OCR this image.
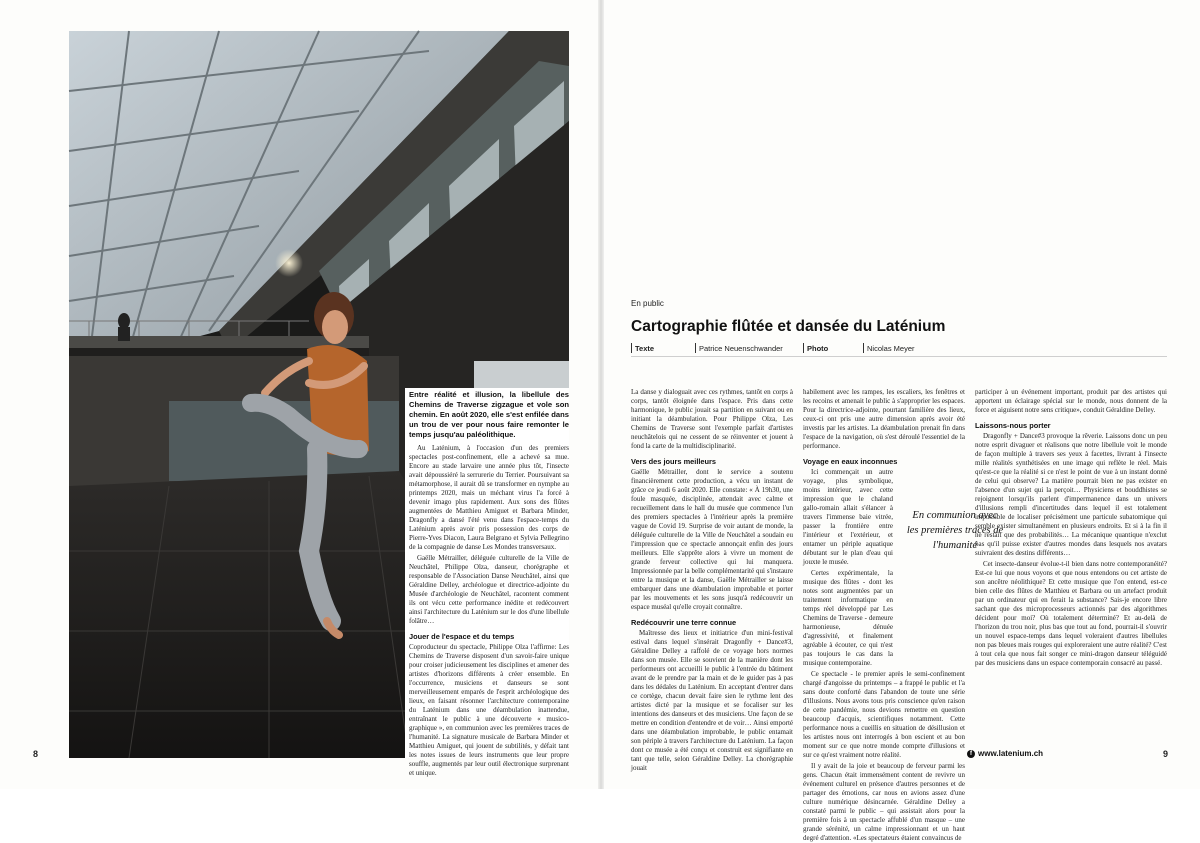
Entre réalité et illusion, la libellule des Chemins de Traverse zigzague et vole son chemin. En août 2020, elle s'est enfilée dans un trou de ver pour nous faire remonter le temps jusqu'au paléolithique.

Au Laténium, à l'occasion d'un des premiers spectacles post-confinement, elle a achevé sa mue. Encore au stade larvaire une année plus tôt, l'insecte avait dépoussiéré la serrurerie du Terrier. Poursuivant sa métamorphose, il aurait dû se transformer en nymphe au printemps 2020, mais un méchant virus l'a forcé à devenir imago plus rapidement. Aux sons des flûtes augmentées de Matthieu Amiguet et Barbara Minder, Dragonfly a dansé l'été venu dans l'espace-temps du Laténium après avoir pris possession des corps de Pierre-Yves Diacon, Laura Belgrano et Sylvia Pellegrino de la compagnie de danse Les Mondes transversaux.

Gaëlle Métrailler, déléguée culturelle de la Ville de Neuchâtel, Philippe Olza, danseur, chorégraphe et responsable de l'Association Danse Neuchâtel, ainsi que Géraldine Delley, archéologue et directrice-adjointe du Musée d'archéologie de Neuchâtel, racontent comment ils ont vécu cette performance inédite et redécouvert ainsi l'architecture du Laténium sur le dos d'une libellule folâtre…

Jouer de l'espace et du temps

Coproducteur du spectacle, Philippe Olza l'affirme: Les Chemins de Traverse disposent d'un savoir-faire unique pour croiser judicieusement les disciplines et amener des artistes d'horizons différents à créer ensemble. En l'occurrence, musiciens et danseurs se sont merveilleusement emparés de l'esprit archéologique des lieux, en faisant résonner l'architecture contemporaine du Laténium dans une déambulation inattendue, entraînant le public à une découverte « musico-graphique », en communion avec les premières traces de l'humanité. La signature musicale de Barbara Minder et Matthieu Amiguet, qui jouent de subtilités, y défait tant les notes issues de leurs instruments que leur propre souffle, augmentés par leur outil électronique surprenant et unique.

8
En public
Cartographie flûtée et dansée du Laténium
Texte	Patrice Neuenschwander	Photo	Nicolas Meyer

La danse y dialoguait avec ces rythmes, tantôt en corps à corps, tantôt éloignée dans l'espace. Pris dans cette harmonique, le public jouait sa partition en suivant ou en initiant la déambulation. Pour Philippe Olza, Les Chemins de Traverse sont l'exemple parfait d'artistes neuchâtelois qui ne cessent de se réinventer et jouent à fond la carte de la multidisciplinarité.

Vers des jours meilleurs

Gaëlle Métrailler, dont le service a soutenu financièrement cette production, a vécu un instant de grâce ce jeudi 6 août 2020. Elle constate: « À 19h30, une foule masquée, disciplinée, attendait avec calme et recueillement dans le hall du musée que commence l'un des premiers spectacles à l'intérieur après la première vague de Covid 19. Surprise de voir autant de monde, la déléguée culturelle de la Ville de Neuchâtel a soudain eu l'impression que ce spectacle annonçait enfin des jours meilleurs. Elle s'apprête alors à vivre un moment de grande ferveur collective qui lui manquera. Impressionnée par la belle complémentarité qui s'instaure entre la musique et la danse, Gaëlle Métrailler se laisse embarquer dans une déambulation improbable et porter par les mouvements et les sons jusqu'à redécouvrir un espace muséal qu'elle croyait connaître.

Redécouvrir une terre connue

Maîtresse des lieux et initiatrice d'un mini-festival estival dans lequel s'insérait Dragonfly + Dance#3, Géraldine Delley a raffolé de ce voyage hors normes dans son musée. Elle se souvient de la manière dont les performeurs ont accueilli le public à l'entrée du bâtiment avant de le prendre par la main et de le guider pas à pas dans les dédales du Laténium. En acceptant d'entrer dans ce cortège, chacun devait faire sien le rythme lent des artistes dicté par la musique et se focaliser sur les intentions des danseurs et des musiciens. Une façon de se mettre en condition d'entendre et de voir… Ainsi emporté dans une déambulation improbable, le public entamait son périple à travers l'architecture du Laténium. La façon dont ce musée a été conçu et construit est signifiante en tant que telle, selon Géraldine Delley. La chorégraphie jouait

habilement avec les rampes, les escaliers, les fenêtres et les recoins et amenait le public à s'approprier les espaces. Pour la directrice-adjointe, pourtant familière des lieux, ceux-ci ont pris une autre dimension après avoir été investis par les artistes. La déambulation prenait fin dans l'espace de la navigation, où s'est déroulé l'essentiel de la performance.

Voyage en eaux inconnues

Ici commençait un autre voyage, plus symbolique, moins intérieur, avec cette impression que le chaland gallo-romain allait s'élancer à travers l'immense baie vitrée, passer la frontière entre l'intérieur et l'extérieur, et entamer un périple aquatique débutant sur le plan d'eau qui jouxte le musée.

Certes expérimentale, la musique des flûtes - dont les notes sont augmentées par un traitement informatique en temps réel développé par Les Chemins de Traverse - demeure harmonieuse, dénuée d'agressivité, et finalement agréable à écouter, ce qui n'est pas toujours le cas dans la musique contemporaine.

Ce spectacle - le premier après le semi-confinement chargé d'angoisse du printemps – a frappé le public et l'a sans doute conforté dans l'abandon de toute une série d'illusions. Nous avons tous pris conscience qu'en raison de cette pandémie, nous devions remettre en question beaucoup d'acquis, scientifiques notamment. Cette performance nous a cueillis en situation de désillusion et les artistes nous ont interrogés à bon escient et au bon moment sur ce que notre monde comprte d'illusions et sur ce qu'est vraiment notre réalité.

Il y avait de la joie et beaucoup de ferveur parmi les gens. Chacun était immensément content de revivre un événement culturel en présence d'autres personnes et de partager des émotions, car nous en avions assez d'une culture numérique désincarnée. Géraldine Delley a constaté parmi le public – qui assistait alors pour la première fois à un spectacle affublé d'un masque – une grande sérénité, un calme impressionnant et un haut degré d'attention. «Les spectateurs étaient convaincus de

En communion avec
les premières traces de l'humanité

participer à un événement important, produit par des artistes qui apportent un éclairage spécial sur le monde, nous donnent de la force et aiguisent notre sens critique», conduit Géraldine Delley.

Laissons-nous porter

Dragonfly + Dance#3 provoque la rêverie. Laissons donc un peu notre esprit divaguer et réalisons que notre libellule voit le monde de façon multiple à travers ses yeux à facettes, livrant à l'insecte mille réalités synthétisées en une image qui reflète le réel. Mais qu'est-ce que la réalité si ce n'est le point de vue à un instant donné de celui qui observe? La matière pourrait bien ne pas exister en l'absence d'un sujet qui la perçoit… Physiciens et bouddhistes se rejoignent lorsqu'ils parlent d'impermanence dans un univers d'illusions rempli d'incertitudes dans lequel il est totalement impossible de localiser précisément une particule subatomique qui semble exister simultanément en plusieurs endroits. Et si à la fin il ne restait que des probabilités… La mécanique quantique n'exclut pas qu'il puisse exister d'autres mondes dans lesquels nos avatars suivraient des destins différents…

Cet insecte-danseur évolue-t-il bien dans notre contemporanéité? Est-ce lui que nous voyons et que nous entendons ou cet artiste de son ancêtre néolithique? Et cette musique que l'on entend, est-ce bien celle des flûtes de Matthieu et Barbara ou un artefact produit par un ordinateur qui en ferait la substance? Sais-je encore libre sachant que des microprocesseurs actionnés par des algorithmes décident pour moi? Où totalement déterminé? Et au-delà de l'horizon du trou noir, plus bas que tout au fond, pourrait-il s'ouvrir un nouvel espace-temps dans lequel voleraient d'autres libellules non pas bleues mais rouges qui exploreraient une autre réalité? C'est à tout cela que nous fait songer ce mini-dragon danseur téléguidé par des musiciens dans un espace contemporain consacré au passé.

f www.latenium.ch	9
